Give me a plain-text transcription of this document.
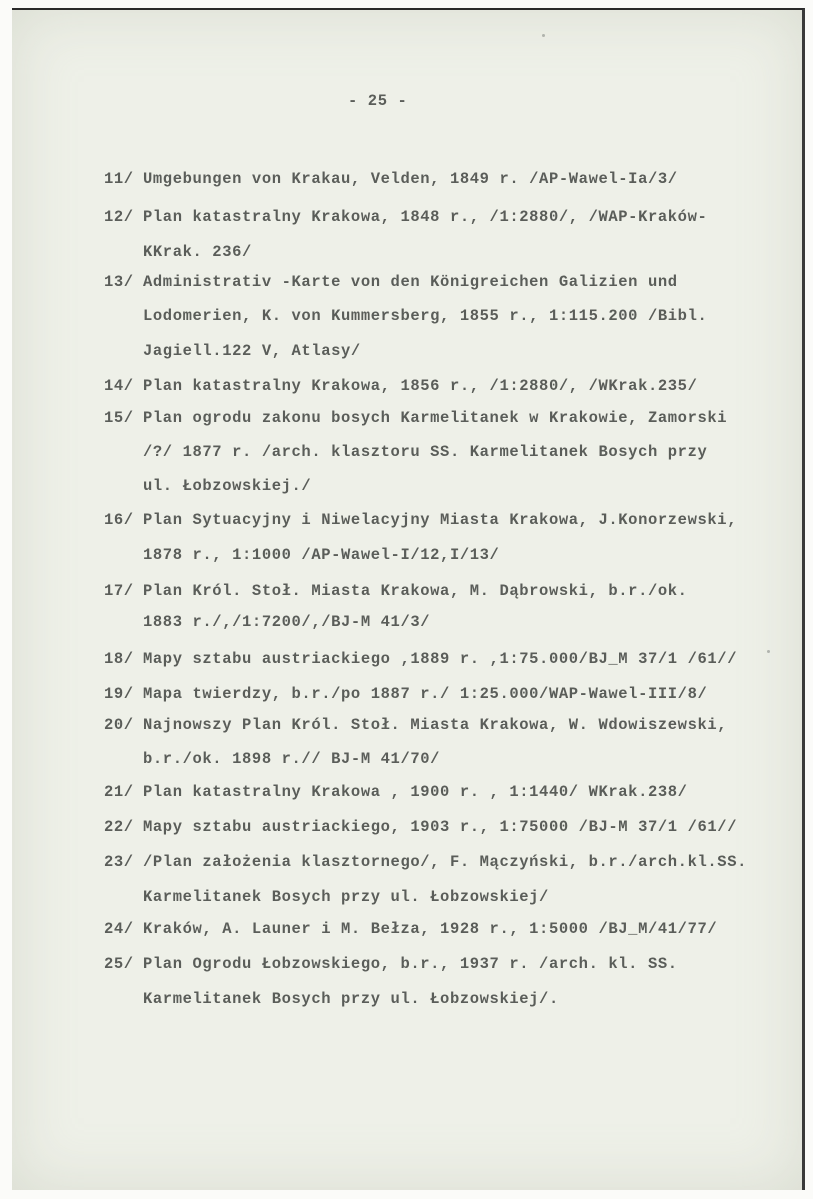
- 25 -
11/ Umgebungen von Krakau, Velden, 1849 r. /AP-Wawel-Ia/3/
12/ Plan katastralny Krakowa, 1848 r., /1:2880/, /WAP-Kraków-
KKrak. 236/
13/ Administrativ -Karte von den Königreichen Galizien und
Lodomerien, K. von Kummersberg, 1855 r., 1:115.200 /Bibl.
Jagiell.122 V, Atlasy/
14/ Plan katastralny Krakowa, 1856 r., /1:2880/, /WKrak.235/
15/ Plan ogrodu zakonu bosych Karmelitanek w Krakowie, Zamorski
/?/ 1877 r. /arch. klasztoru SS. Karmelitanek Bosych przy
ul. Łobzowskiej./
16/ Plan Sytuacyjny i Niwelacyjny Miasta Krakowa, J.Konorzewski,
1878 r., 1:1000 /AP-Wawel-I/12,I/13/
17/ Plan Król. Stoł. Miasta Krakowa, M. Dąbrowski, b.r./ok.
1883 r./,/1:7200/,/BJ-M 41/3/
18/ Mapy sztabu austriackiego ,1889 r. ,1:75.000/BJ_M 37/1 /61//
19/ Mapa twierdzy, b.r./po 1887 r./ 1:25.000/WAP-Wawel-III/8/
20/ Najnowszy Plan Król. Stoł. Miasta Krakowa, W. Wdowiszewski,
b.r./ok. 1898 r.// BJ-M 41/70/
21/ Plan katastralny Krakowa , 1900 r. , 1:1440/ WKrak.238/
22/ Mapy sztabu austriackiego, 1903 r., 1:75000 /BJ-M 37/1 /61//
23/ /Plan założenia klasztornego/, F. Mączyński, b.r./arch.kl.SS.
Karmelitanek Bosych przy ul. Łobzowskiej/
24/ Kraków, A. Launer i M. Bełza, 1928 r., 1:5000 /BJ_M/41/77/
25/ Plan Ogrodu Łobzowskiego, b.r., 1937 r. /arch. kl. SS.
Karmelitanek Bosych przy ul. Łobzowskiej/.
